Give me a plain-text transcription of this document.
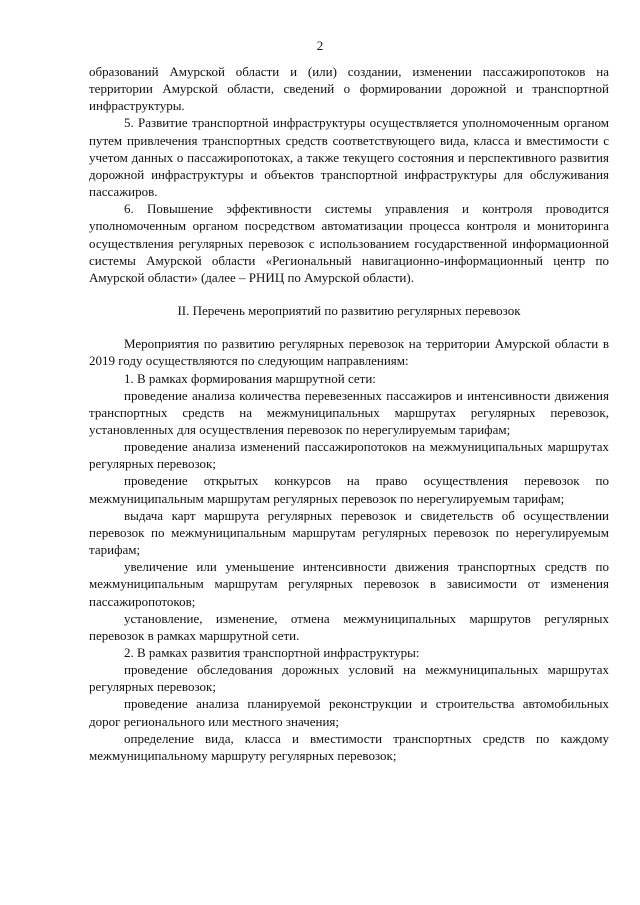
2

образований Амурской области и (или) создании, изменении пассажиропотоков на территории Амурской области, сведений о формировании дорожной и транспортной инфраструктуры.

5. Развитие транспортной инфраструктуры осуществляется уполномоченным органом путем привлечения транспортных средств соответствующего вида, класса и вместимости с учетом данных о пассажиропотоках, а также текущего состояния и перспективного развития дорожной инфраструктуры и объектов транспортной инфраструктуры для обслуживания пассажиров.

6. Повышение эффективности системы управления и контроля проводится уполномоченным органом посредством автоматизации процесса контроля и мониторинга осуществления регулярных перевозок с использованием государственной информационной системы Амурской области «Региональный навигационно-информационный центр по Амурской области» (далее – РНИЦ по Амурской области).

II. Перечень мероприятий по развитию регулярных перевозок

Мероприятия по развитию регулярных перевозок на территории Амурской области в 2019 году осуществляются по следующим направлениям:

1. В рамках формирования маршрутной сети:

проведение анализа количества перевезенных пассажиров и интенсивности движения транспортных средств на межмуниципальных маршрутах регулярных перевозок, установленных для осуществления перевозок по нерегулируемым тарифам;

проведение анализа изменений пассажиропотоков на межмуниципальных маршрутах регулярных перевозок;

проведение открытых конкурсов на право осуществления перевозок по межмуниципальным маршрутам регулярных перевозок по нерегулируемым тарифам;

выдача карт маршрута регулярных перевозок и свидетельств об осуществлении перевозок по межмуниципальным маршрутам регулярных перевозок по нерегулируемым тарифам;

увеличение или уменьшение интенсивности движения транспортных средств по межмуниципальным маршрутам регулярных перевозок в зависимости от изменения пассажиропотоков;

установление, изменение, отмена межмуниципальных маршрутов регулярных перевозок в рамках маршрутной сети.

2. В рамках развития транспортной инфраструктуры:

проведение обследования дорожных условий на межмуниципальных маршрутах регулярных перевозок;

проведение анализа планируемой реконструкции и строительства автомобильных дорог регионального или местного значения;

определение вида, класса и вместимости транспортных средств по каждому межмуниципальному маршруту регулярных перевозок;
